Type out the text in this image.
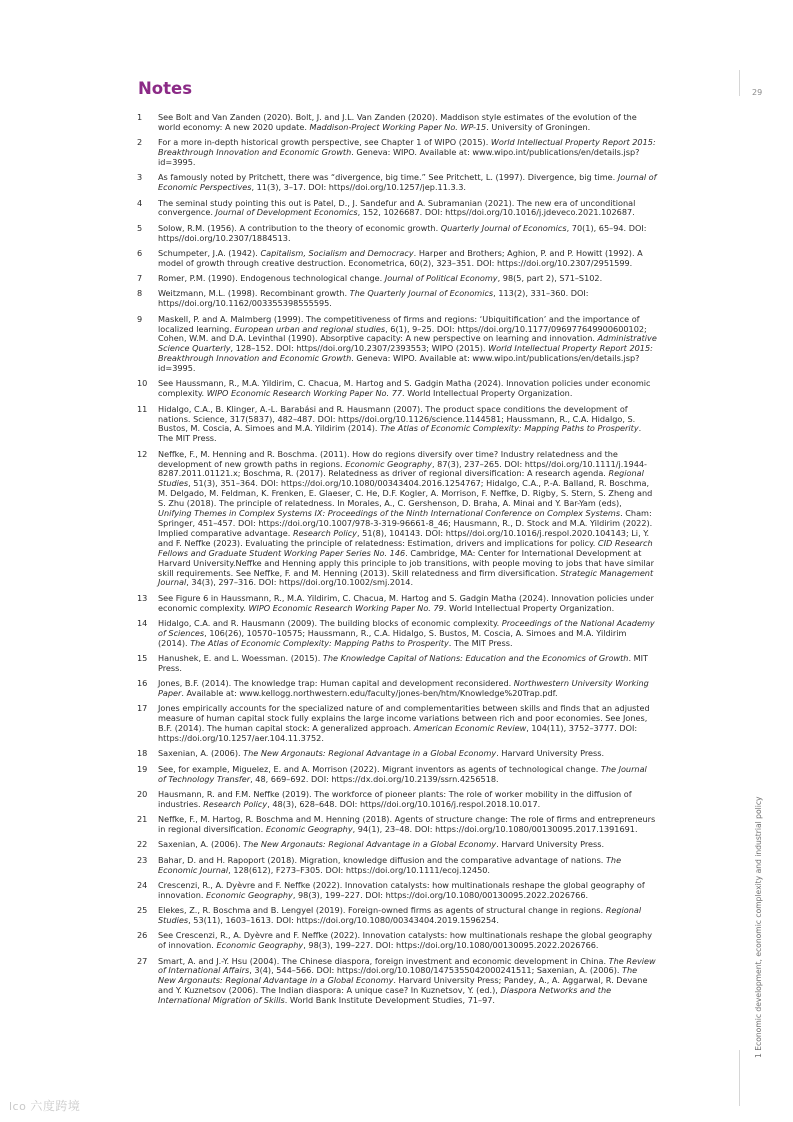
Notes	29
1	See Bolt and Van Zanden (2020). Bolt, J. and J.L. Van Zanden (2020). Maddison style estimates of the evolution of the world economy: A new 2020 update. Maddison-Project Working Paper No. WP-15. University of Groningen.
2	For a more in-depth historical growth perspective, see Chapter 1 of WIPO (2015). World Intellectual Property Report 2015: Breakthrough Innovation and Economic Growth. Geneva: WIPO. Available at: www.wipo.int/publications/en/details.jsp?id=3995.
3	As famously noted by Pritchett, there was “divergence, big time.” See Pritchett, L. (1997). Divergence, big time. Journal of Economic Perspectives, 11(3), 3–17. DOI: https//doi.org/10.1257/jep.11.3.3.
4	The seminal study pointing this out is Patel, D., J. Sandefur and A. Subramanian (2021). The new era of unconditional convergence. Journal of Development Economics, 152, 1026687. DOI: https//doi.org/10.1016/j.jdeveco.2021.102687.
5	Solow, R.M. (1956). A contribution to the theory of economic growth. Quarterly Journal of Economics, 70(1), 65–94. DOI: https//doi.org/10.2307/1884513.
6	Schumpeter, J.A. (1942). Capitalism, Socialism and Democracy. Harper and Brothers; Aghion, P. and P. Howitt (1992). A model of growth through creative destruction. Econometrica, 60(2), 323–351. DOI: https://doi.org/10.2307/2951599.
7	Romer, P.M. (1990). Endogenous technological change. Journal of Political Economy, 98(5, part 2), S71–S102.
8	Weitzmann, M.L. (1998). Recombinant growth. The Quarterly Journal of Economics, 113(2), 331–360. DOI: https//doi.org/10.1162/003355398555595.
9	Maskell, P. and A. Malmberg (1999). The competitiveness of firms and regions: ‘Ubiquitification’ and the importance of localized learning. European urban and regional studies, 6(1), 9–25. DOI: https//doi.org/10.1177/096977649900600102; Cohen, W.M. and D.A. Levinthal (1990). Absorptive capacity: A new perspective on learning and innovation. Administrative Science Quarterly, 128–152. DOI: https//doi.org/10.2307/2393553; WIPO (2015). World Intellectual Property Report 2015: Breakthrough Innovation and Economic Growth. Geneva: WIPO. Available at: www.wipo.int/publications/en/details.jsp?id=3995.
10	See Haussmann, R., M.A. Yildirim, C. Chacua, M. Hartog and S. Gadgin Matha (2024). Innovation policies under economic complexity. WIPO Economic Research Working Paper No. 77. World Intellectual Property Organization.
11	Hidalgo, C.A., B. Klinger, A.-L. Barabási and R. Hausmann (2007). The product space conditions the development of nations. Science, 317(5837), 482–487. DOI: https//doi.org/10.1126/science.1144581; Haussmann, R., C.A. Hidalgo, S. Bustos, M. Coscia, A. Simoes and M.A. Yildirim (2014). The Atlas of Economic Complexity: Mapping Paths to Prosperity. The MIT Press.
12	Neffke, F., M. Henning and R. Boschma. (2011). How do regions diversify over time? Industry relatedness and the development of new growth paths in regions. Economic Geography, 87(3), 237–265. DOI: https//doi.org/10.1111/j.1944-8287.2011.01121.x; Boschma, R. (2017). Relatedness as driver of regional diversification: A research agenda. Regional Studies, 51(3), 351–364. DOI: https://doi.org/10.1080/00343404.2016.1254767; Hidalgo, C.A., P.-A. Balland, R. Boschma, M. Delgado, M. Feldman, K. Frenken, E. Glaeser, C. He, D.F. Kogler, A. Morrison, F. Neffke, D. Rigby, S. Stern, S. Zheng and S. Zhu (2018). The principle of relatedness. In Morales, A., C. Gershenson, D. Braha, A. Minai and Y. Bar-Yam (eds), Unifying Themes in Complex Systems IX: Proceedings of the Ninth International Conference on Complex Systems. Cham: Springer, 451–457. DOI: https://doi.org/10.1007/978-3-319-96661-8_46; Hausmann, R., D. Stock and M.A. Yildirim (2022). Implied comparative advantage. Research Policy, 51(8), 104143. DOI: https//doi.org/10.1016/j.respol.2020.104143; Li, Y. and F. Neffke (2023). Evaluating the principle of relatedness: Estimation, drivers and implications for policy. CID Research Fellows and Graduate Student Working Paper Series No. 146. Cambridge, MA: Center for International Development at Harvard University.Neffke and Henning apply this principle to job transitions, with people moving to jobs that have similar skill requirements. See Neffke, F. and M. Henning (2013). Skill relatedness and firm diversification. Strategic Management Journal, 34(3), 297–316. DOI: https//doi.org/10.1002/smj.2014.
13	See Figure 6 in Haussmann, R., M.A. Yildirim, C. Chacua, M. Hartog and S. Gadgin Matha (2024). Innovation policies under economic complexity. WIPO Economic Research Working Paper No. 79. World Intellectual Property Organization.
14	Hidalgo, C.A. and R. Hausmann (2009). The building blocks of economic complexity. Proceedings of the National Academy of Sciences, 106(26), 10570–10575; Haussmann, R., C.A. Hidalgo, S. Bustos, M. Coscia, A. Simoes and M.A. Yildirim (2014). The Atlas of Economic Complexity: Mapping Paths to Prosperity. The MIT Press.
15	Hanushek, E. and L. Woessman. (2015). The Knowledge Capital of Nations: Education and the Economics of Growth. MIT Press.
16	Jones, B.F. (2014). The knowledge trap: Human capital and development reconsidered. Northwestern University Working Paper. Available at: www.kellogg.northwestern.edu/faculty/jones-ben/htm/Knowledge%20Trap.pdf.
17	Jones empirically accounts for the specialized nature of and complementarities between skills and finds that an adjusted measure of human capital stock fully explains the large income variations between rich and poor economies. See Jones, B.F. (2014). The human capital stock: A generalized approach. American Economic Review, 104(11), 3752–3777. DOI: https://doi.org/10.1257/aer.104.11.3752.
18	Saxenian, A. (2006). The New Argonauts: Regional Advantage in a Global Economy. Harvard University Press.
19	See, for example, Miguelez, E. and A. Morrison (2022). Migrant inventors as agents of technological change. The Journal of Technology Transfer, 48, 669–692. DOI: https://dx.doi.org/10.2139/ssrn.4256518.
20	Hausmann, R. and F.M. Neffke (2019). The workforce of pioneer plants: The role of worker mobility in the diffusion of industries. Research Policy, 48(3), 628–648. DOI: https//doi.org/10.1016/j.respol.2018.10.017.
21	Neffke, F., M. Hartog, R. Boschma and M. Henning (2018). Agents of structure change: The role of firms and entrepreneurs in regional diversification. Economic Geography, 94(1), 23–48. DOI: https://doi.org/10.1080/00130095.2017.1391691.
22	Saxenian, A. (2006). The New Argonauts: Regional Advantage in a Global Economy. Harvard University Press.
23	Bahar, D. and H. Rapoport (2018). Migration, knowledge diffusion and the comparative advantage of nations. The Economic Journal, 128(612), F273–F305. DOI: https://doi.org/10.1111/ecoj.12450.
24	Crescenzi, R., A. Dyèvre and F. Neffke (2022). Innovation catalysts: how multinationals reshape the global geography of innovation. Economic Geography, 98(3), 199–227. DOI: https://doi.org/10.1080/00130095.2022.2026766.
25	Elekes, Z., R. Boschma and B. Lengyel (2019). Foreign-owned firms as agents of structural change in regions. Regional Studies, 53(11), 1603–1613. DOI: https://doi.org/10.1080/00343404.2019.1596254.
26	See Crescenzi, R., A. Dyèvre and F. Neffke (2022). Innovation catalysts: how multinationals reshape the global geography of innovation. Economic Geography, 98(3), 199–227. DOI: https://doi.org/10.1080/00130095.2022.2026766.
27	Smart, A. and J.-Y. Hsu (2004). The Chinese diaspora, foreign investment and economic development in China. The Review of International Affairs, 3(4), 544–566. DOI: https://doi.org/10.1080/1475355042000241511; Saxenian, A. (2006). The New Argonauts: Regional Advantage in a Global Economy. Harvard University Press; Pandey, A., A. Aggarwal, R. Devane and Y. Kuznetsov (2006). The Indian diaspora: A unique case? In Kuznetsov, Y. (ed.), Diaspora Networks and the International Migration of Skills. World Bank Institute Development Studies, 71–97.	1 Economic development, economic complexity and industrial policy
lco 六度跨境
